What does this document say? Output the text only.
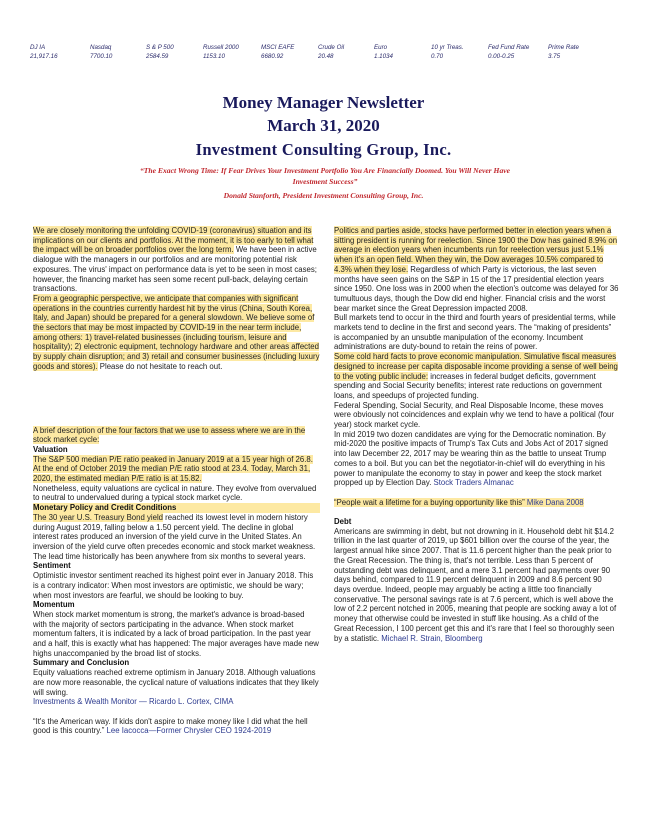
DJ IA
21,917.16
Nasdaq
7700.10
S & P 500
2584.59
Russell 2000
1153.10
MSCI EAFE
6680.92
Crude Oil
20.48
Euro
1.1034
10 yr Treas.
0.70
Fed Fund Rate
0.00-0.25
Prime Rate
3.75
Money Manager Newsletter
March 31, 2020
Investment Consulting Group, Inc.
“The Exact Wrong Time: If Fear Drives Your Investment Portfolio You Are Financially Doomed. You Will Never Have Investment Success”
Donald Stanforth, President Investment Consulting Group, Inc.

We are closely monitoring the unfolding COVID-19 (coronavirus) situation and its implications on our clients and portfolios. At the moment, it is too early to tell what the impact will be on broader portfolios over the long term. We have been in active dialogue with the managers in our portfolios and are monitoring potential risk exposures. The virus' impact on performance data is yet to be seen in most cases; however, the financing market has seen some recent pull-back, delaying certain transactions.

From a geographic perspective, we anticipate that companies with significant operations in the countries currently hardest hit by the virus (China, South Korea, Italy, and Japan) should be prepared for a general slowdown. We believe some of the sectors that may be most impacted by COVID-19 in the near term include, among others: 1) travel-related businesses (including tourism, leisure and hospitality); 2) electronic equipment, technology hardware and other areas affected by supply chain disruption; and 3) retail and consumer businesses (including luxury goods and stores). Please do not hesitate to reach out.

A brief description of the four factors that we use to assess where we are in the stock market cycle:

Valuation

The S&P 500 median P/E ratio peaked in January 2019 at a 15 year high of 26.8. At the end of October 2019 the median P/E ratio stood at 23.4. Today, March 31, 2020, the estimated median P/E ratio is at 15.82.

Nonetheless, equity valuations are cyclical in nature. They evolve from overvalued to neutral to undervalued during a typical stock market cycle.

Monetary Policy and Credit Conditions

The 30 year U.S. Treasury Bond yield reached its lowest level in modern history during August 2019, falling below a 1.50 percent yield. The decline in global interest rates produced an inversion of the yield curve in the United States. An inversion of the yield curve often precedes economic and stock market weakness. The lead time historically has been anywhere from six months to several years.

Sentiment

Optimistic investor sentiment reached its highest point ever in January 2018. This is a contrary indicator: When most investors are optimistic, we should be wary; when most investors are fearful, we should be looking to buy.

Momentum

When stock market momentum is strong, the market's advance is broad-based with the majority of sectors participating in the advance. When stock market momentum falters, it is indicated by a lack of broad participation. In the past year and a half, this is exactly what has happened: The major averages have made new highs unaccompanied by the broad list of stocks.

Summary and Conclusion

Equity valuations reached extreme optimism in January 2018. Although valuations are now more reasonable, the cyclical nature of valuations indicates that they likely will swing.

Investments & Wealth Monitor — Ricardo L. Cortex, CIMA

“It's the American way. If kids don't aspire to make money like I did what the hell good is this country.” Lee Iacocca—Former Chrysler CEO 1924-2019

Politics and parties aside, stocks have performed better in election years when a sitting president is running for reelection. Since 1900 the Dow has gained 8.9% on average in election years when incumbents run for reelection versus just 5.1% when it's an open field. When they win, the Dow averages 10.5% compared to 4.3% when they lose. Regardless of which Party is victorious, the last seven months have seen gains on the S&P in 15 of the 17 presidential election years since 1950. One loss was in 2000 when the election's outcome was delayed for 36 tumultuous days, though the Dow did end higher. Financial crisis and the worst bear market since the Great Depression impacted 2008.

Bull markets tend to occur in the third and fourth years of presidential terms, while markets tend to decline in the first and second years. The “making of presidents” is accompanied by an unsubtle manipulation of the economy. Incumbent administrations are duty-bound to retain the reins of power.

Some cold hard facts to prove economic manipulation. Simulative fiscal measures designed to increase per capita disposable income providing a sense of well being to the voting public include: increases in federal budget deficits, government spending and Social Security benefits; interest rate reductions on government loans, and speedups of projected funding.

Federal Spending, Social Security, and Real Disposable Income, these moves were obviously not coincidences and explain why we tend to have a political (four year) stock market cycle.

In mid 2019 two dozen candidates are vying for the Democratic nomination. By mid-2020 the positive impacts of Trump's Tax Cuts and Jobs Act of 2017 signed into law December 22, 2017 may be wearing thin as the battle to unseat Trump comes to a boil. But you can bet the negotiator-in-chief will do everything in his power to manipulate the economy to stay in power and keep the stock market propped up by Election Day. Stock Traders Almanac

“People wait a lifetime for a buying opportunity like this” Mike Dana 2008

Debt

Americans are swimming in debt, but not drowning in it. Household debt hit $14.2 trillion in the last quarter of 2019, up $601 billion over the course of the year, the largest annual hike since 2007. That is 11.6 percent higher than the peak prior to the Great Recession. The thing is, that's not terrible. Less than 5 percent of outstanding debt was delinquent, and a mere 3.1 percent had payments over 90 days behind, compared to 11.9 percent delinquent in 2009 and 8.6 percent 90 days overdue. Indeed, people may arguably be acting a little too financially conservative. The personal savings rate is at 7.6 percent, which is well above the low of 2.2 percent notched in 2005, meaning that people are socking away a lot of money that otherwise could be invested in stuff like housing. As a child of the Great Recession, I 100 percent get this and it's rare that I feel so thoroughly seen by a statistic. Michael R. Strain, Bloomberg
